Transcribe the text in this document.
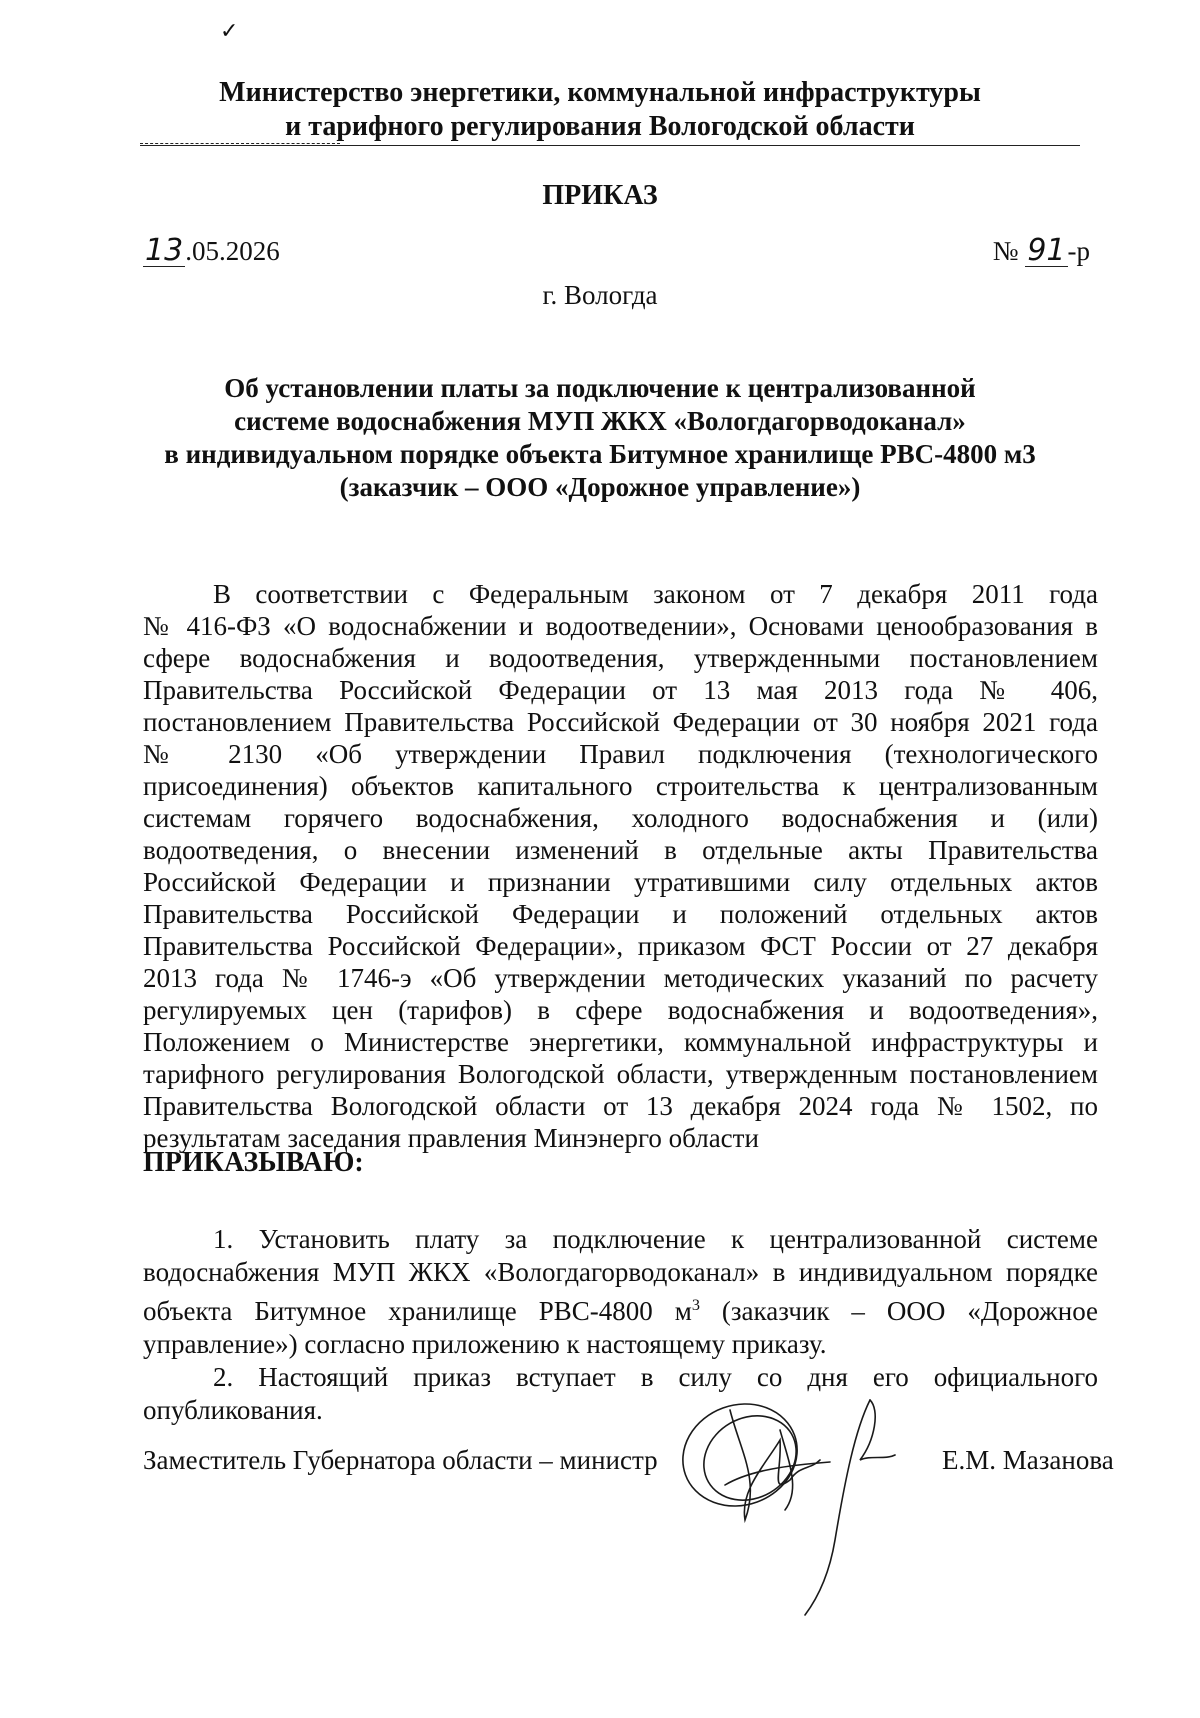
✓
Министерство энергетики, коммунальной инфраструктуры
и тарифного регулирования Вологодской области
ПРИКАЗ
13.05.2026	№ 91-р
г. Вологда
Об установлении платы за подключение к централизованной
системе водоснабжения МУП ЖКХ «Вологдагорводоканал»
в индивидуальном порядке объекта Битумное хранилище РВС-4800 м3
(заказчик – ООО «Дорожное управление»)
В соответствии с Федеральным законом от 7 декабря 2011 года
№ 416-ФЗ «О водоснабжении и водоотведении», Основами ценообразования в
сфере водоснабжения и водоотведения, утвержденными постановлением
Правительства Российской Федерации от 13 мая 2013 года № 406,
постановлением Правительства Российской Федерации от 30 ноября 2021 года
№ 2130 «Об утверждении Правил подключения (технологического
присоединения) объектов капитального строительства к централизованным
системам горячего водоснабжения, холодного водоснабжения и (или)
водоотведения, о внесении изменений в отдельные акты Правительства
Российской Федерации и признании утратившими силу отдельных актов
Правительства Российской Федерации и положений отдельных актов
Правительства Российской Федерации», приказом ФСТ России от 27 декабря
2013 года № 1746-э «Об утверждении методических указаний по расчету
регулируемых цен (тарифов) в сфере водоснабжения и водоотведения»,
Положением о Министерстве энергетики, коммунальной инфраструктуры и
тарифного регулирования Вологодской области, утвержденным постановлением
Правительства Вологодской области от 13 декабря 2024 года № 1502, по
результатам заседания правления Минэнерго области
ПРИКАЗЫВАЮ:
1. Установить плату за подключение к централизованной системе
водоснабжения МУП ЖКХ «Вологдагорводоканал» в индивидуальном порядке
объекта Битумное хранилище РВС-4800 $м^3$ (заказчик – ООО «Дорожное
управление») согласно приложению к настоящему приказу.
2. Настоящий приказ вступает в силу со дня его официального
опубликования.
Заместитель Губернатора области – министр	Е.М. Мазанова
